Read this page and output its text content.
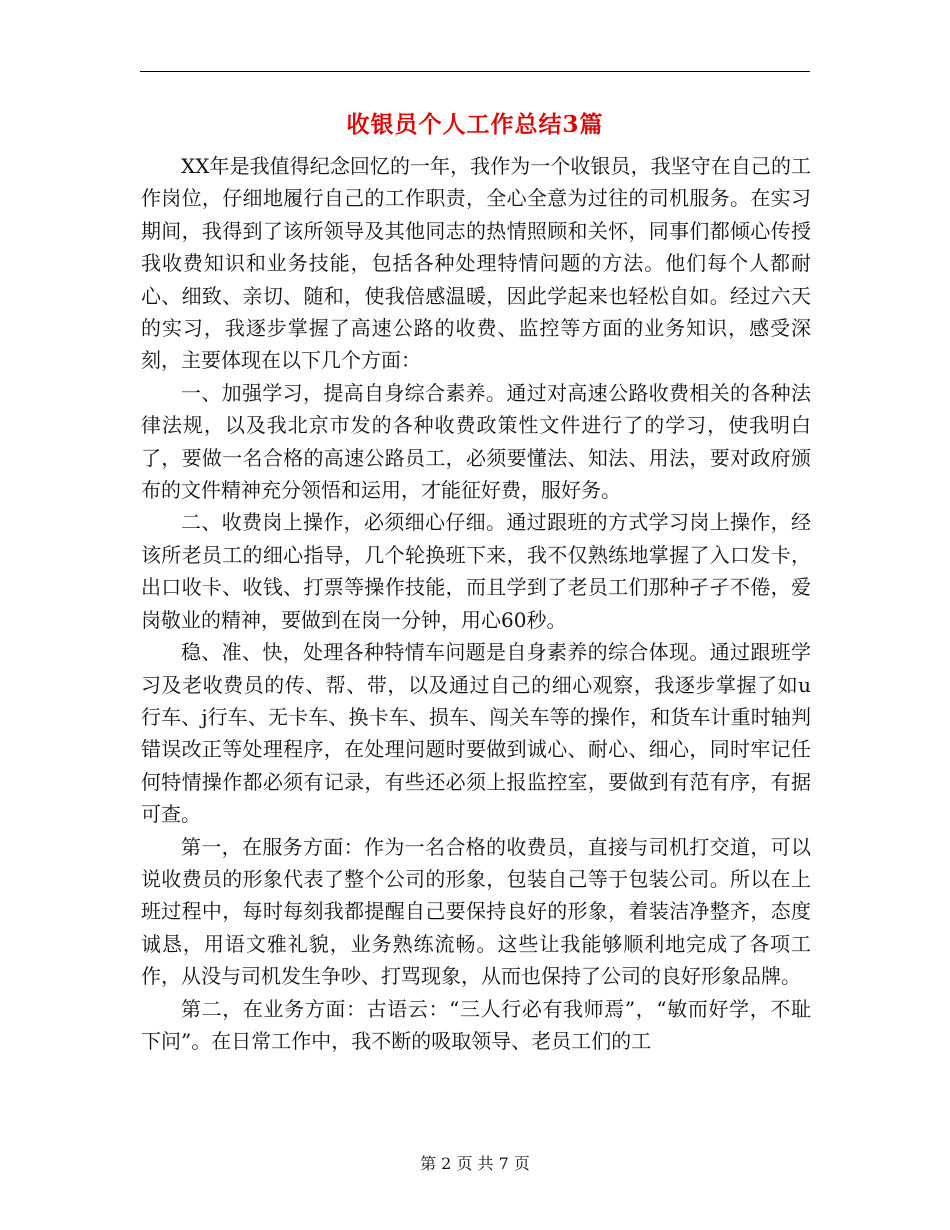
收银员个人工作总结3篇

XX年是我值得纪念回忆的一年，我作为一个收银员，我坚守在自己的工作岗位，仔细地履行自己的工作职责，全心全意为过往的司机服务。在实习期间，我得到了该所领导及其他同志的热情照顾和关怀，同事们都倾心传授我收费知识和业务技能，包括各种处理特情问题的方法。他们每个人都耐心、细致、亲切、随和，使我倍感温暖，因此学起来也轻松自如。经过六天的实习，我逐步掌握了高速公路的收费、监控等方面的业务知识，感受深刻，主要体现在以下几个方面：

一、加强学习，提高自身综合素养。通过对高速公路收费相关的各种法律法规，以及我北京市发的各种收费政策性文件进行了的学习，使我明白了，要做一名合格的高速公路员工，必须要懂法、知法、用法，要对政府颁布的文件精神充分领悟和运用，才能征好费，服好务。

二、收费岗上操作，必须细心仔细。通过跟班的方式学习岗上操作，经该所老员工的细心指导，几个轮换班下来，我不仅熟练地掌握了入口发卡，出口收卡、收钱、打票等操作技能，而且学到了老员工们那种孑孑不倦，爱岗敬业的精神，要做到在岗一分钟，用心60秒。

稳、准、快，处理各种特情车问题是自身素养的综合体现。通过跟班学习及老收费员的传、帮、带，以及通过自己的细心观察，我逐步掌握了如u行车、j行车、无卡车、换卡车、损车、闯关车等的操作，和货车计重时轴判错误改正等处理程序，在处理问题时要做到诚心、耐心、细心，同时牢记任何特情操作都必须有记录，有些还必须上报监控室，要做到有范有序，有据可查。

第一，在服务方面：作为一名合格的收费员，直接与司机打交道，可以说收费员的形象代表了整个公司的形象，包装自己等于包装公司。所以在上班过程中，每时每刻我都提醒自己要保持良好的形象，着装洁净整齐，态度诚恳，用语文雅礼貌，业务熟练流畅。这些让我能够顺利地完成了各项工作，从没与司机发生争吵、打骂现象，从而也保持了公司的良好形象品牌。

第二，在业务方面：古语云：“三人行必有我师焉”，“敏而好学，不耻下问”。在日常工作中，我不断的吸取领导、老员工们的工

第 2 页 共 7 页
